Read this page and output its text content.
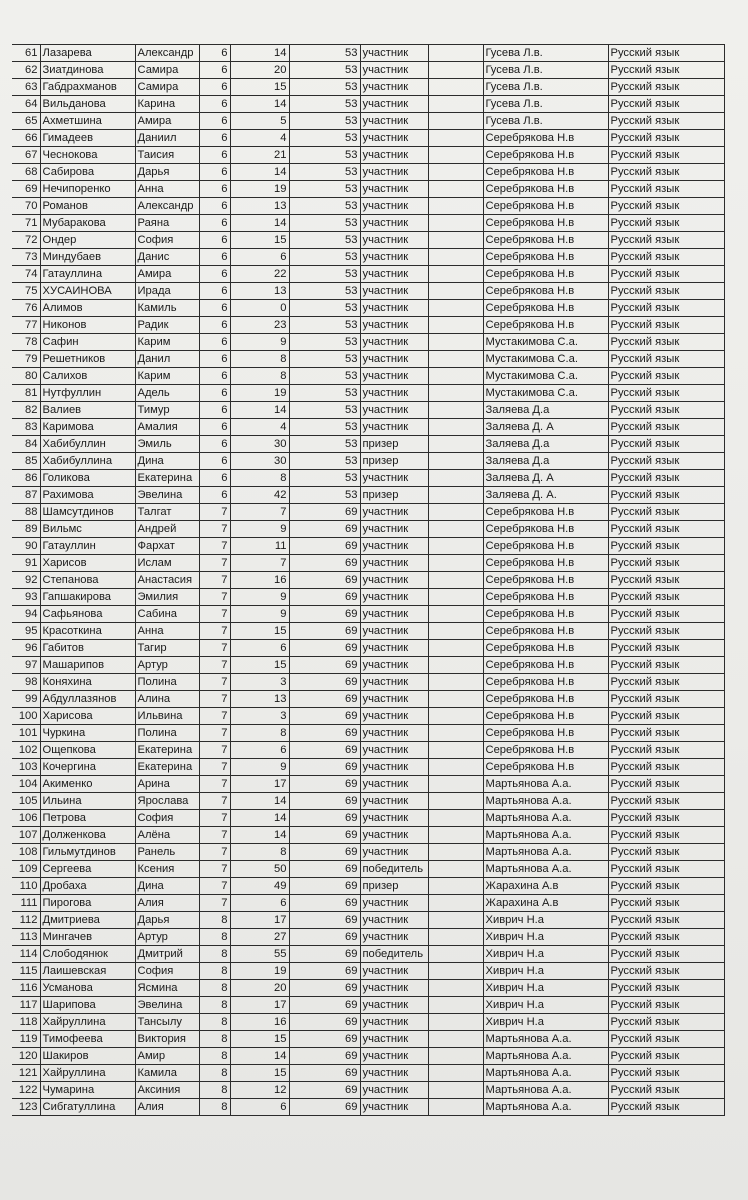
61	Лазарева	Александр	6	14	53	участник		Гусева Л.в.	Русский язык
62	Зиатдинова	Самира	6	20	53	участник		Гусева Л.в.	Русский язык
63	Габдрахманов	Самира	6	15	53	участник		Гусева Л.в.	Русский язык
64	Вильданова	Карина	6	14	53	участник		Гусева Л.в.	Русский язык
65	Ахметшина	Амира	6	5	53	участник		Гусева Л.в.	Русский язык
66	Гимадеев	Даниил	6	4	53	участник		Серебрякова Н.в	Русский язык
67	Чеснокова	Таисия	6	21	53	участник		Серебрякова Н.в	Русский язык
68	Сабирова	Дарья	6	14	53	участник		Серебрякова Н.в	Русский язык
69	Нечипоренко	Анна	6	19	53	участник		Серебрякова Н.в	Русский язык
70	Романов	Александр	6	13	53	участник		Серебрякова Н.в	Русский язык
71	Мубаракова	Раяна	6	14	53	участник		Серебрякова Н.в	Русский язык
72	Ондер	София	6	15	53	участник		Серебрякова Н.в	Русский язык
73	Миндубаев	Данис	6	6	53	участник		Серебрякова Н.в	Русский язык
74	Гатауллина	Амира	6	22	53	участник		Серебрякова Н.в	Русский язык
75	ХУСАИНОВА	Ирада	6	13	53	участник		Серебрякова Н.в	Русский язык
76	Алимов	Камиль	6	0	53	участник		Серебрякова Н.в	Русский язык
77	Никонов	Радик	6	23	53	участник		Серебрякова Н.в	Русский язык
78	Сафин	Карим	6	9	53	участник		Мустакимова С.а.	Русский язык
79	Решетников	Данил	6	8	53	участник		Мустакимова С.а.	Русский язык
80	Салихов	Карим	6	8	53	участник		Мустакимова С.а.	Русский язык
81	Нутфуллин	Адель	6	19	53	участник		Мустакимова С.а.	Русский язык
82	Валиев	Тимур	6	14	53	участник		Заляева Д.а	Русский язык
83	Каримова	Амалия	6	4	53	участник		Заляева Д. А	Русский язык
84	Хабибуллин	Эмиль	6	30	53	призер		Заляева Д.а	Русский язык
85	Хабибуллина	Дина	6	30	53	призер		Заляева Д.а	Русский язык
86	Голикова	Екатерина	6	8	53	участник		Заляева Д. А	Русский язык
87	Рахимова	Эвелина	6	42	53	призер		Заляева Д. А.	Русский язык
88	Шамсутдинов	Талгат	7	7	69	участник		Серебрякова Н.в	Русский язык
89	Вильмс	Андрей	7	9	69	участник		Серебрякова Н.в	Русский язык
90	Гатауллин	Фархат	7	11	69	участник		Серебрякова Н.в	Русский язык
91	Харисов	Ислам	7	7	69	участник		Серебрякова Н.в	Русский язык
92	Степанова	Анастасия	7	16	69	участник		Серебрякова Н.в	Русский язык
93	Гапшакирова	Эмилия	7	9	69	участник		Серебрякова Н.в	Русский язык
94	Сафьянова	Сабина	7	9	69	участник		Серебрякова Н.в	Русский язык
95	Красоткина	Анна	7	15	69	участник		Серебрякова Н.в	Русский язык
96	Габитов	Тагир	7	6	69	участник		Серебрякова Н.в	Русский язык
97	Машарипов	Артур	7	15	69	участник		Серебрякова Н.в	Русский язык
98	Коняхина	Полина	7	3	69	участник		Серебрякова Н.в	Русский язык
99	Абдуллазянов	Алина	7	13	69	участник		Серебрякова Н.в	Русский язык
100	Харисова	Ильвина	7	3	69	участник		Серебрякова Н.в	Русский язык
101	Чуркина	Полина	7	8	69	участник		Серебрякова Н.в	Русский язык
102	Ощепкова	Екатерина	7	6	69	участник		Серебрякова Н.в	Русский язык
103	Кочергина	Екатерина	7	9	69	участник		Серебрякова Н.в	Русский язык
104	Акименко	Арина	7	17	69	участник		Мартьянова А.а.	Русский язык
105	Ильина	Ярослава	7	14	69	участник		Мартьянова А.а.	Русский язык
106	Петрова	София	7	14	69	участник		Мартьянова А.а.	Русский язык
107	Долженкова	Алёна	7	14	69	участник		Мартьянова А.а.	Русский язык
108	Гильмутдинов	Ранель	7	8	69	участник		Мартьянова А.а.	Русский язык
109	Сергеева	Ксения	7	50	69	победитель		Мартьянова А.а.	Русский язык
110	Дробаха	Дина	7	49	69	призер		Жарахина А.в	Русский язык
111	Пирогова	Алия	7	6	69	участник		Жарахина А.в	Русский язык
112	Дмитриева	Дарья	8	17	69	участник		Хиврич Н.а	Русский язык
113	Мингачев	Артур	8	27	69	участник		Хиврич Н.а	Русский язык
114	Слободянюк	Дмитрий	8	55	69	победитель		Хиврич Н.а	Русский язык
115	Лаишевская	София	8	19	69	участник		Хиврич Н.а	Русский язык
116	Усманова	Ясмина	8	20	69	участник		Хиврич Н.а	Русский язык
117	Шарипова	Эвелина	8	17	69	участник		Хиврич Н.а	Русский язык
118	Хайруллина	Тансылу	8	16	69	участник		Хиврич Н.а	Русский язык
119	Тимофеева	Виктория	8	15	69	участник		Мартьянова А.а.	Русский язык
120	Шакиров	Амир	8	14	69	участник		Мартьянова А.а.	Русский язык
121	Хайруллина	Камила	8	15	69	участник		Мартьянова А.а.	Русский язык
122	Чумарина	Аксиния	8	12	69	участник		Мартьянова А.а.	Русский язык
123	Сибгатуллина	Алия	8	6	69	участник		Мартьянова А.а.	Русский язык
